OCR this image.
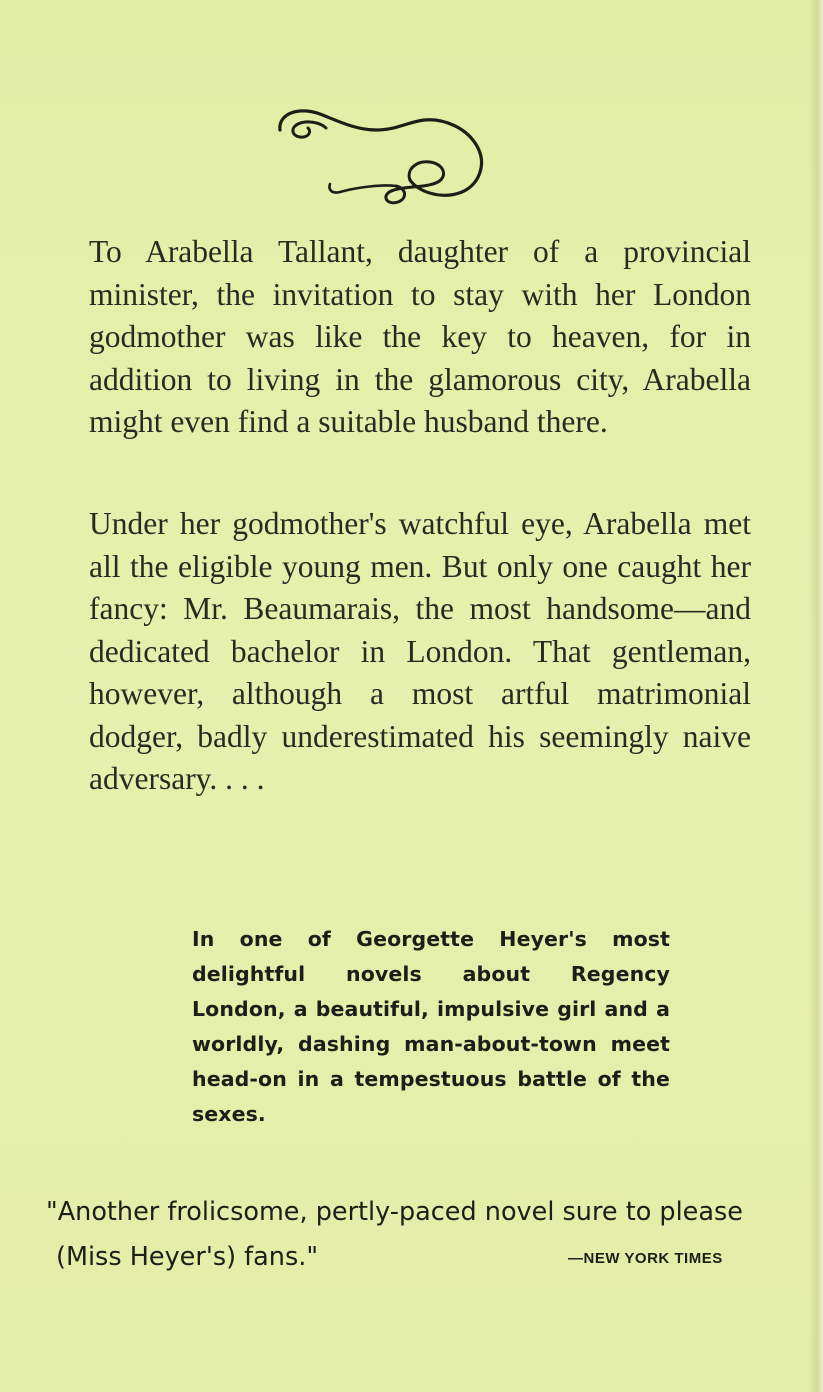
To Arabella Tallant, daughter of a provincial minister, the invitation to stay with her London godmother was like the key to heaven, for in addition to living in the glamorous city, Arabella might even find a suitable husband there.

Under her godmother's watchful eye, Arabella met all the eligible young men. But only one caught her fancy: Mr. Beaumarais, the most handsome—and dedicated bachelor in London. That gentleman, however, although a most artful matrimonial dodger, badly underestimated his seemingly naive adversary. . . .

In one of Georgette Heyer's most delightful novels about Regency London, a beautiful, impulsive girl and a worldly, dashing man-about-town meet head-on in a tempestuous battle of the sexes.

"Another frolicsome, pertly-paced novel sure to please
(Miss Heyer's) fans."	—NEW YORK TIMES
